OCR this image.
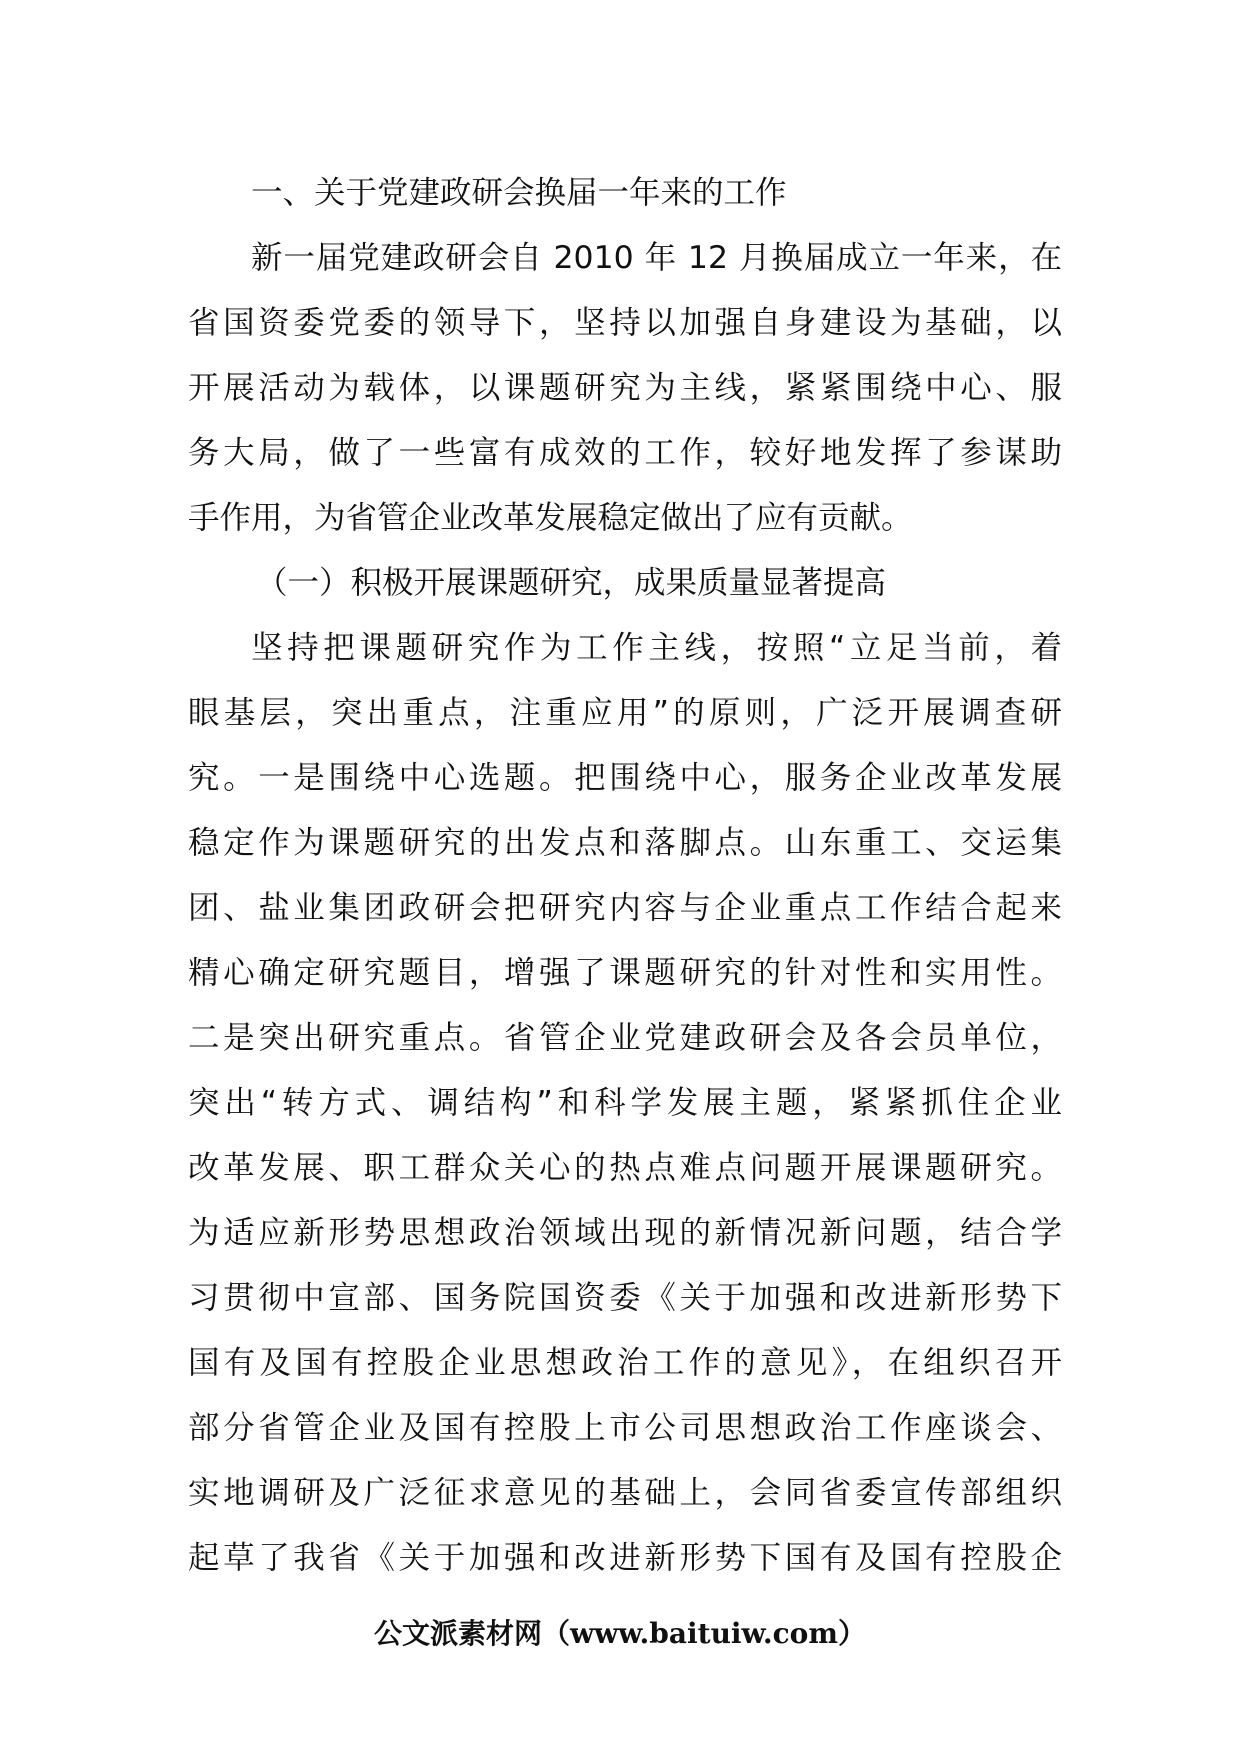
一、关于党建政研会换届一年来的工作
新一届党建政研会自 2010 年 12 月换届成立一年来，在
省国资委党委的领导下，坚持以加强自身建设为基础，以
开展活动为载体，以课题研究为主线，紧紧围绕中心、服
务大局，做了一些富有成效的工作，较好地发挥了参谋助
手作用，为省管企业改革发展稳定做出了应有贡献。
（一）积极开展课题研究，成果质量显著提高
坚持把课题研究作为工作主线，按照“立足当前，着
眼基层，突出重点，注重应用”的原则，广泛开展调查研
究。一是围绕中心选题。把围绕中心，服务企业改革发展
稳定作为课题研究的出发点和落脚点。山东重工、交运集
团、盐业集团政研会把研究内容与企业重点工作结合起来
精心确定研究题目，增强了课题研究的针对性和实用性。
二是突出研究重点。省管企业党建政研会及各会员单位，
突出“转方式、调结构”和科学发展主题，紧紧抓住企业
改革发展、职工群众关心的热点难点问题开展课题研究。
为适应新形势思想政治领域出现的新情况新问题，结合学
习贯彻中宣部、国务院国资委《关于加强和改进新形势下
国有及国有控股企业思想政治工作的意见》，在组织召开
部分省管企业及国有控股上市公司思想政治工作座谈会、
实地调研及广泛征求意见的基础上，会同省委宣传部组织
起草了我省《关于加强和改进新形势下国有及国有控股企
公文派素材网（www.baituiw.com）
